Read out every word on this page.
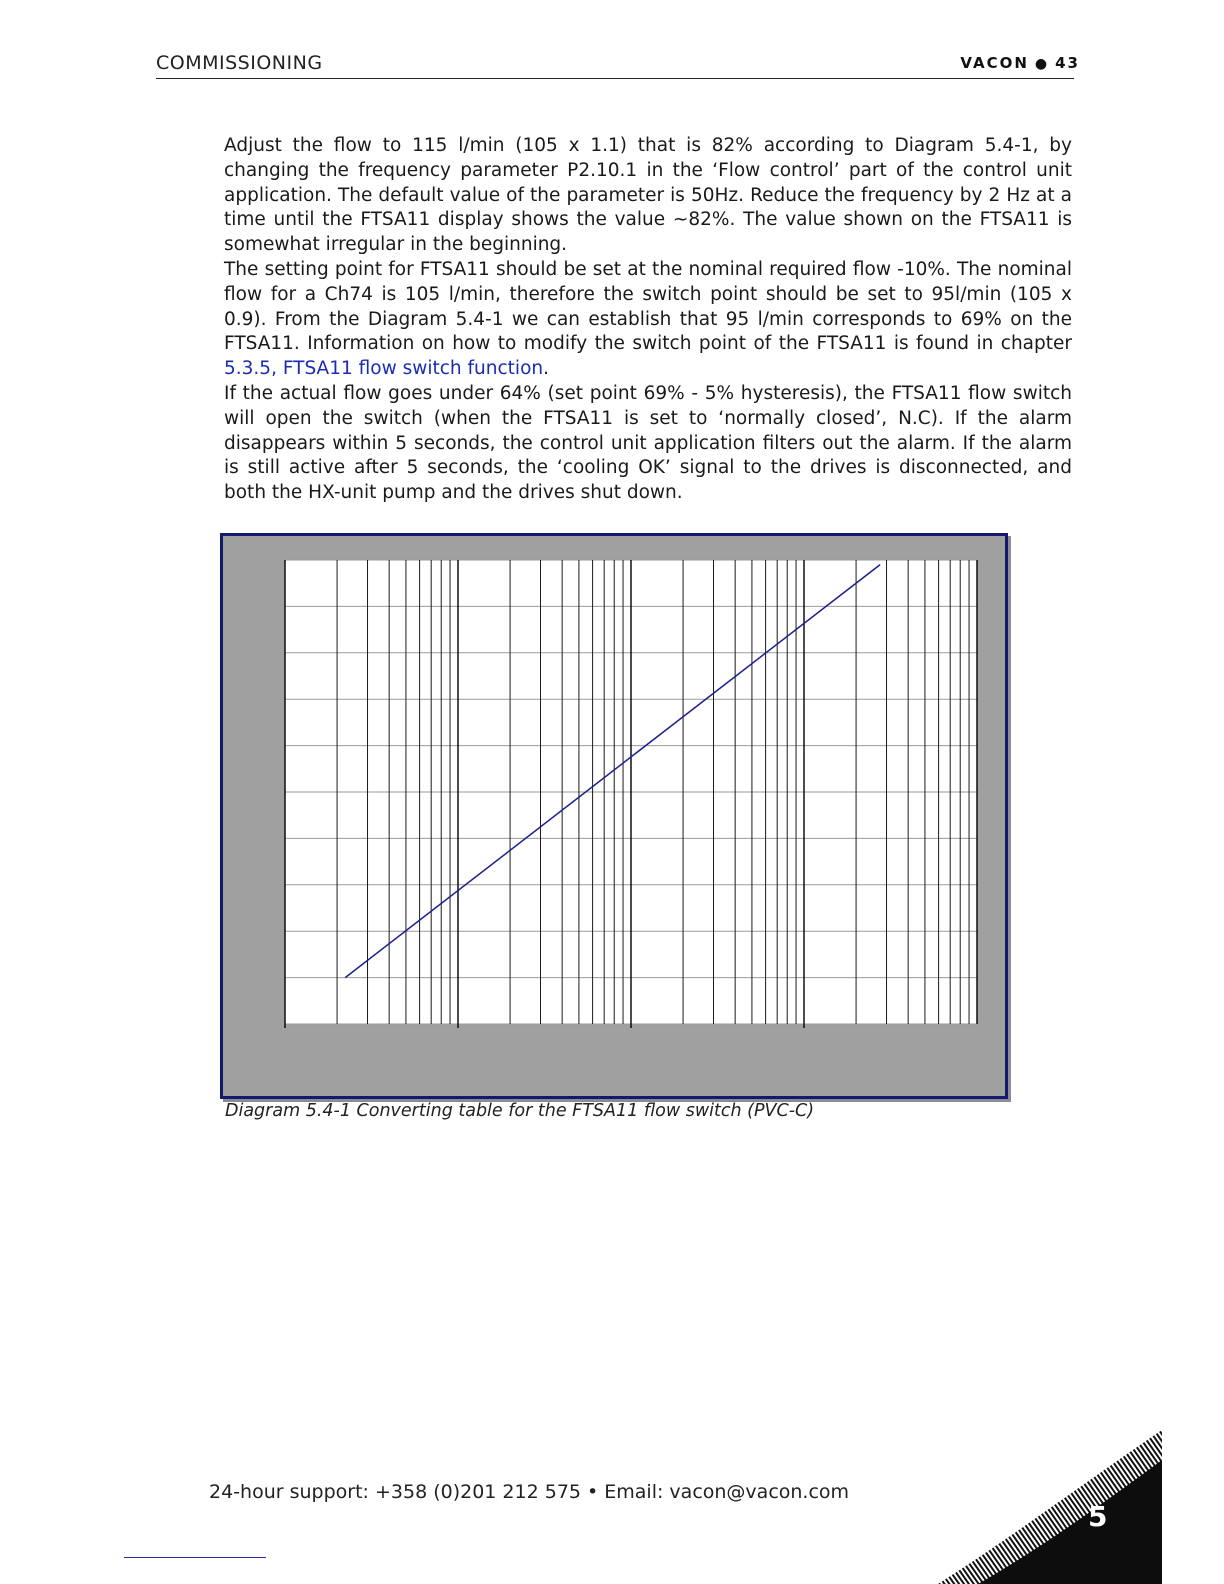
COMMISSIONING	VACON ● 43

Adjust the flow to 115 l/min (105 x 1.1) that is 82% according to Diagram 5.4-1, by changing the frequency parameter P2.10.1 in the ‘Flow control’ part of the control unit application. The default value of the parameter is 50Hz. Reduce the frequency by 2 Hz at a time until the FTSA11 display shows the value ~82%. The value shown on the FTSA11 is somewhat irregular in the beginning.

The setting point for FTSA11 should be set at the nominal required flow -10%. The nominal flow for a Ch74 is 105 l/min, therefore the switch point should be set to 95l/min (105 x 0.9). From the Diagram 5.4-1 we can establish that 95 l/min corresponds to 69% on the FTSA11. Information on how to modify the switch point of the FTSA11 is found in chapter 5.3.5, FTSA11 flow switch function.

If the actual flow goes under 64% (set point 69% - 5% hysteresis), the FTSA11 flow switch will open the switch (when the FTSA11 is set to ‘normally closed’, N.C). If the alarm disappears within 5 seconds, the control unit application filters out the alarm. If the alarm is still active after 5 seconds, the ‘cooling OK’ signal to the drives is disconnected, and both the HX-unit pump and the drives shut down.

Diagram 5.4-1 Converting table for the FTSA11 flow switch (PVC-C)
24-hour support: +358 (0)201 212 575 • Email: vacon@vacon.com
5
